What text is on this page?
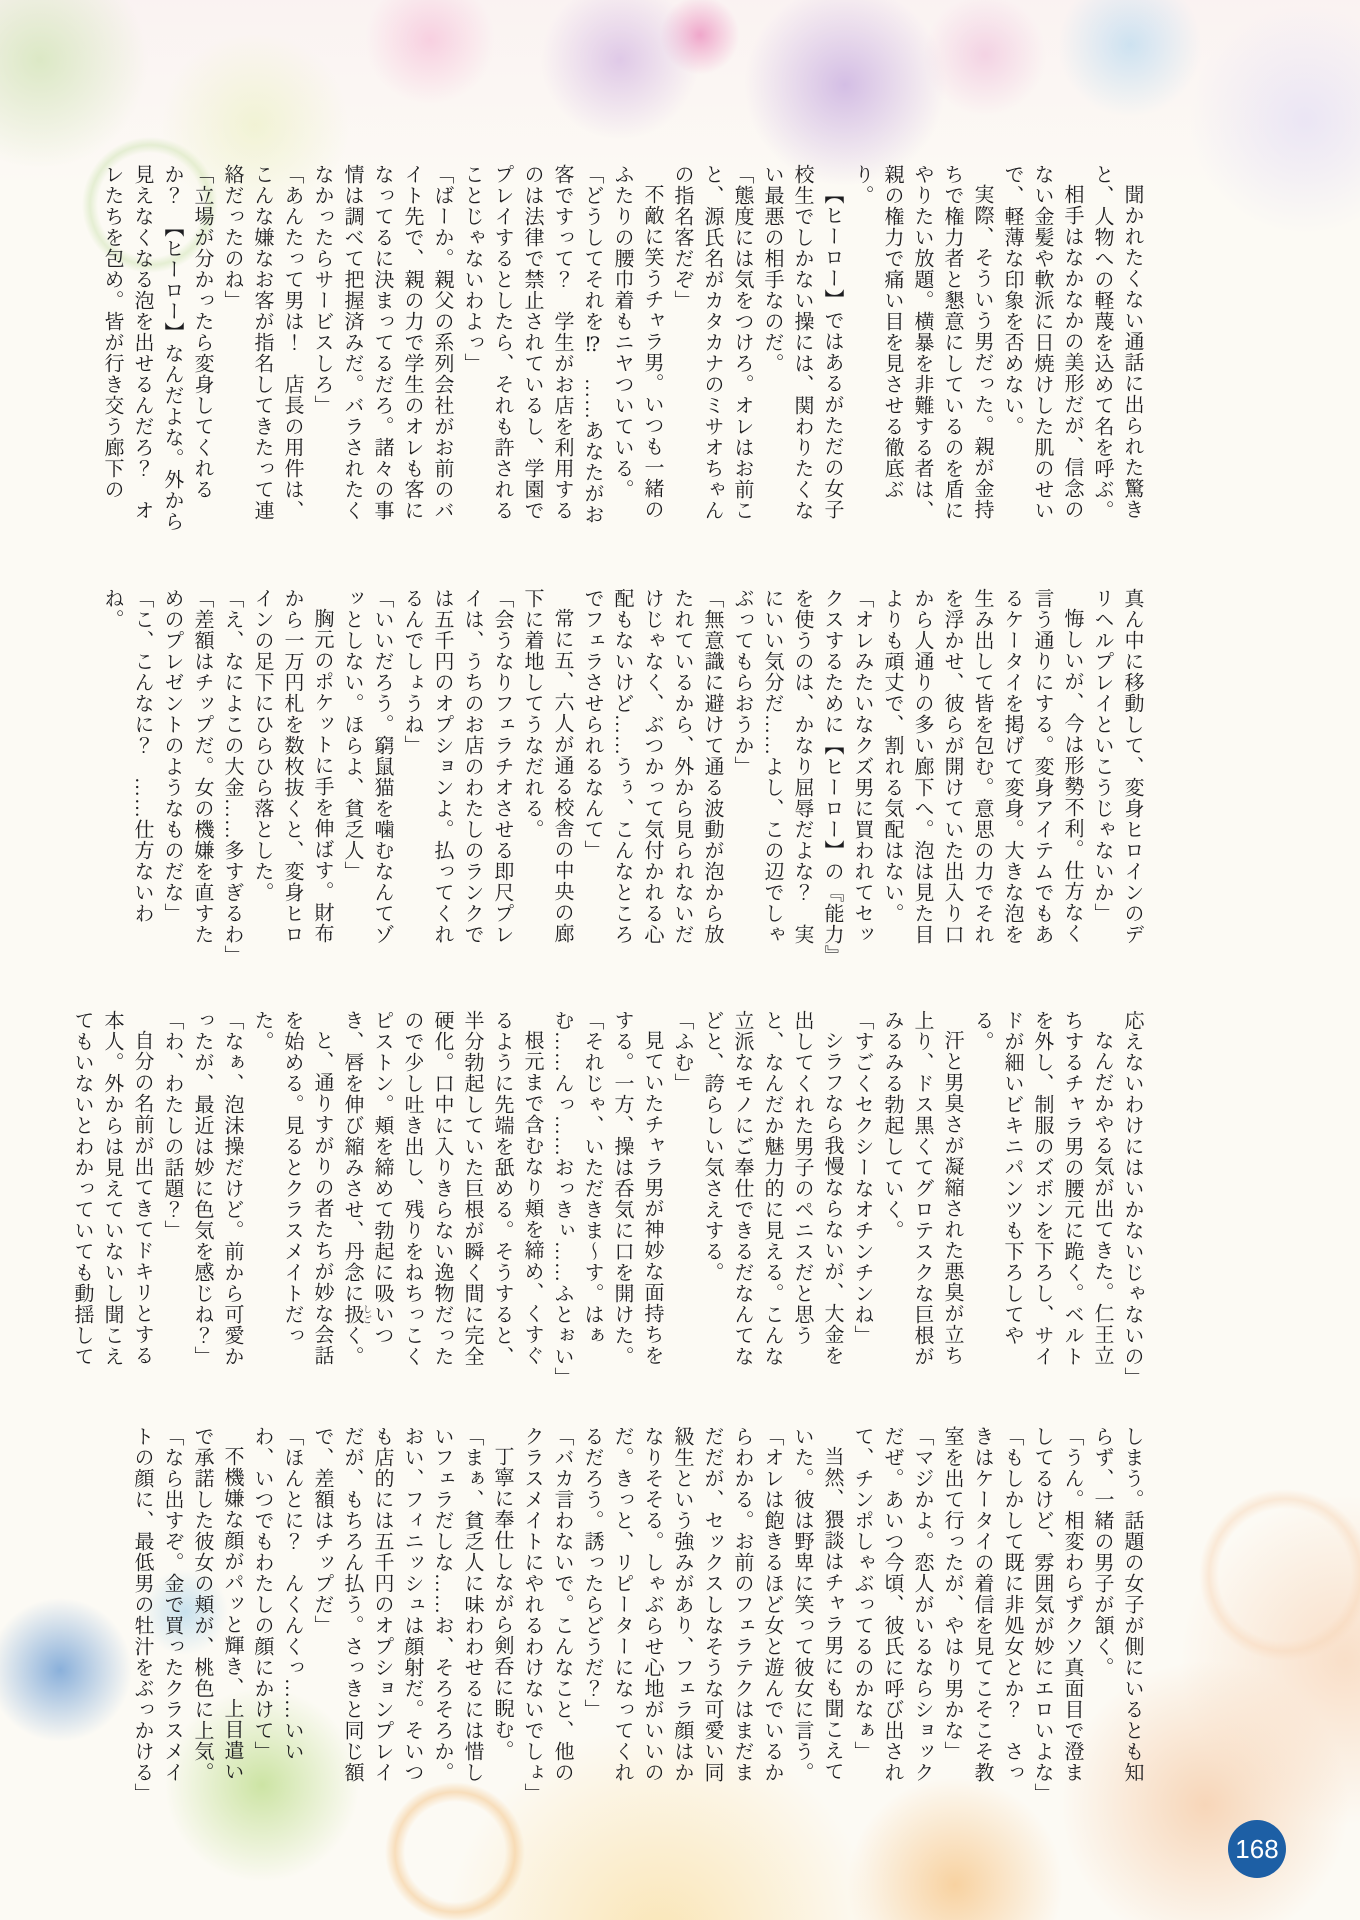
聞かれたくない通話に出られた驚きと、人物への軽蔑を込めて名を呼ぶ。

相手はなかなかの美形だが、信念のない金髪や軟派に日焼けした肌のせいで、軽薄な印象を否めない。

実際、そういう男だった。親が金持ちで権力者と懇意にしているのを盾にやりたい放題。横暴を非難する者は、親の権力で痛い目を見させる徹底ぶり。

【ヒーロー】ではあるがただの女子校生でしかない操には、関わりたくない最悪の相手なのだ。

「態度には気をつけろ。オレはお前こと、源氏名がカタカナのミサオちゃんの指名客だぞ」

不敵に笑うチャラ男。いつも一緒のふたりの腰巾着もニヤついている。

「どうしてそれを⁉　……あなたがお客ですって？　学生がお店を利用するのは法律で禁止されているし、学園でプレイするとしたら、それも許されることじゃないわよっ」

「ばーか。親父の系列会社がお前のバイト先で、親の力で学生のオレも客になってるに決まってるだろ。諸々の事情は調べて把握済みだ。バラされたくなかったらサービスしろ」

「あんたって男は！　店長の用件は、こんな嫌なお客が指名してきたって連絡だったのね」

「立場が分かったら変身してくれるか？　【ヒーロー】なんだよな。外から見えなくなる泡を出せるんだろ？　オレたちを包め。皆が行き交う廊下の

真ん中に移動して、変身ヒロインのデリヘルプレイといこうじゃないか」

悔しいが、今は形勢不利。仕方なく言う通りにする。変身アイテムでもあるケータイを掲げて変身。大きな泡を生み出して皆を包む。意思の力でそれを浮かせ、彼らが開けていた出入り口から人通りの多い廊下へ。泡は見た目よりも頑丈で、割れる気配はない。

「オレみたいなクズ男に買われてセックスするために【ヒーロー】の『能力』を使うのは、かなり屈辱だよな？　実にいい気分だ……よし、この辺でしゃぶってもらおうか」

「無意識に避けて通る波動が泡から放たれているから、外から見られないだけじゃなく、ぶつかって気付かれる心配もないけど……うぅ、こんなところでフェラさせられるなんて」

常に五、六人が通る校舎の中央の廊下に着地してうなだれる。

「会うなりフェラチオさせる即尺プレイは、うちのお店のわたしのランクでは五千円のオプションよ。払ってくれるんでしょうね」

「いいだろう。窮鼠猫を噛むなんてゾッとしない。ほらよ、貧乏人」

胸元のポケットに手を伸ばす。財布から一万円札を数枚抜くと、変身ヒロインの足下にひらひら落とした。

「え、なによこの大金……多すぎるわ」

「差額はチップだ。女の機嫌を直すためのプレゼントのようなものだな」

「こ、こんなに？　……仕方ないわね。

応えないわけにはいかないじゃないの」

なんだかやる気が出てきた。仁王立ちするチャラ男の腰元に跪く。ベルトを外し、制服のズボンを下ろし、サイドが細いビキニパンツも下ろしてやる。

汗と男臭さが凝縮された悪臭が立ち上り、ドス黒くてグロテスクな巨根がみるみる勃起していく。

「すごくセクシーなオチンチンね」

シラフなら我慢ならないが、大金を出してくれた男子のペニスだと思うと、なんだか魅力的に見える。こんな立派なモノにご奉仕できるだなんてなどと、誇らしい気さえする。

「ふむ」

見ていたチャラ男が神妙な面持ちをする。一方、操は呑気に口を開けた。

「それじゃ、いただきま〜す。はぁむ……んっ……おっきぃ……ふとぉい」

根元まで含むなり頬を締め、くすぐるように先端を舐める。そうすると、半分勃起していた巨根が瞬く間に完全硬化。口中に入りきらない逸物だったので少し吐き出し、残りをねちっこくピストン。頬を締めて勃起に吸いつき、唇を伸び縮みさせ、丹念に扱 しごく。

と、通りすがりの者たちが妙な会話を始める。見るとクラスメイトだった。

「なぁ、泡沫操だけど。前から可愛かったが、最近は妙に色気を感じね？」

「わ、わたしの話題？」

自分の名前が出てきてドキリとする本人。外からは見えていないし聞こえてもいないとわかっていても動揺して

しまう。話題の女子が側にいるとも知らず、一緒の男子が頷く。

「うん。相変わらずクソ真面目で澄ましてるけど、雰囲気が妙にエロいよな」

「もしかして既に非処女とか？　さっきはケータイの着信を見てこそこそ教室を出て行ったが、やはり男かな」

「マジかよ。恋人がいるならショックだぜ。あいつ今頃、彼氏に呼び出されて、チンポしゃぶってるのかなぁ」

当然、猥談はチャラ男にも聞こえていた。彼は野卑に笑って彼女に言う。

「オレは飽きるほど女と遊んでいるからわかる。お前のフェラテクはまだまだだが、セックスしなそうな可愛い同級生という強みがあり、フェラ顔はかなりそそる。しゃぶらせ心地がいいのだ。きっと、リピーターになってくれるだろう。誘ったらどうだ？」

「バカ言わないで。こんなこと、他のクラスメイトにやれるわけないでしょ」

丁寧に奉仕しながら剣呑に睨む。

「まぁ、貧乏人に味わわせるには惜しいフェラだしな……お、そろそろか。おい、フィニッシュは顔射だ。そいつも店的には五千円のオプションプレイだが、もちろん払う。さっきと同じ額で、差額はチップだ」

「ほんとに？　んくんくっ……いいわ、いつでもわたしの顔にかけて」

不機嫌な顔がパッと輝き、上目遣いで承諾した彼女の頬が、桃色に上気。

「なら出すぞ。金で買ったクラスメイトの顔に、最低男の牡汁をぶっかける」

168
